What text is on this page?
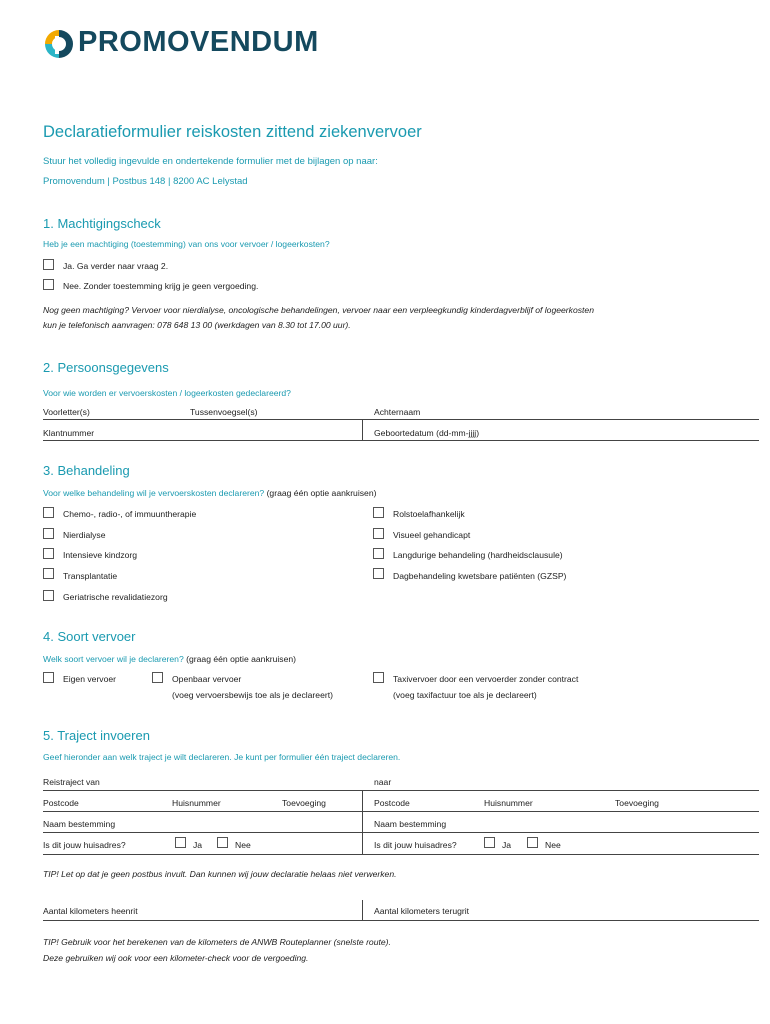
PROMOVENDUM
Declaratieformulier reiskosten zittend ziekenvervoer
Stuur het volledig ingevulde en ondertekende formulier met de bijlagen op naar:
Promovendum | Postbus 148 | 8200 AC Lelystad
1. Machtigingscheck
Heb je een machtiging (toestemming) van ons voor vervoer / logeerkosten?
Ja. Ga verder naar vraag 2.
Nee. Zonder toestemming krijg je geen vergoeding.
Nog geen machtiging? Vervoer voor nierdialyse, oncologische behandelingen, vervoer naar een verpleegkundig kinderdagverblijf of logeerkosten
kun je telefonisch aanvragen: 078 648 13 00 (werkdagen van 8.30 tot 17.00 uur).
2. Persoonsgegevens
Voor wie worden er vervoerskosten / logeerkosten gedeclareerd?
Voorletter(s)	Tussenvoegsel(s)	Achternaam
Klantnummer	Geboortedatum (dd-mm-jjjj)
3. Behandeling
Voor welke behandeling wil je vervoerskosten declareren? (graag één optie aankruisen)
Chemo-, radio-, of immuuntherapie
Nierdialyse
Intensieve kindzorg
Transplantatie
Geriatrische revalidatiezorg
Rolstoelafhankelijk
Visueel gehandicapt
Langdurige behandeling (hardheidsclausule)
Dagbehandeling kwetsbare patiënten (GZSP)
4. Soort vervoer
Welk soort vervoer wil je declareren? (graag één optie aankruisen)
Eigen vervoer	Openbaar vervoer
(voeg vervoersbewijs toe als je declareert)
Taxivervoer door een vervoerder zonder contract
(voeg taxifactuur toe als je declareert)
5. Traject invoeren
Geef hieronder aan welk traject je wilt declareren. Je kunt per formulier één traject declareren.
Reistraject van	naar
Postcode	Huisnummer	Toevoeging	Postcode	Huisnummer	Toevoeging
Naam bestemming	Naam bestemming
Is dit jouw huisadres?	Ja	Nee	Is dit jouw huisadres?	Ja	Nee
TIP! Let op dat je geen postbus invult. Dan kunnen wij jouw declaratie helaas niet verwerken.
Aantal kilometers heenrit	Aantal kilometers terugrit
TIP! Gebruik voor het berekenen van de kilometers de ANWB Routeplanner (snelste route).
Deze gebruiken wij ook voor een kilometer-check voor de vergoeding.
